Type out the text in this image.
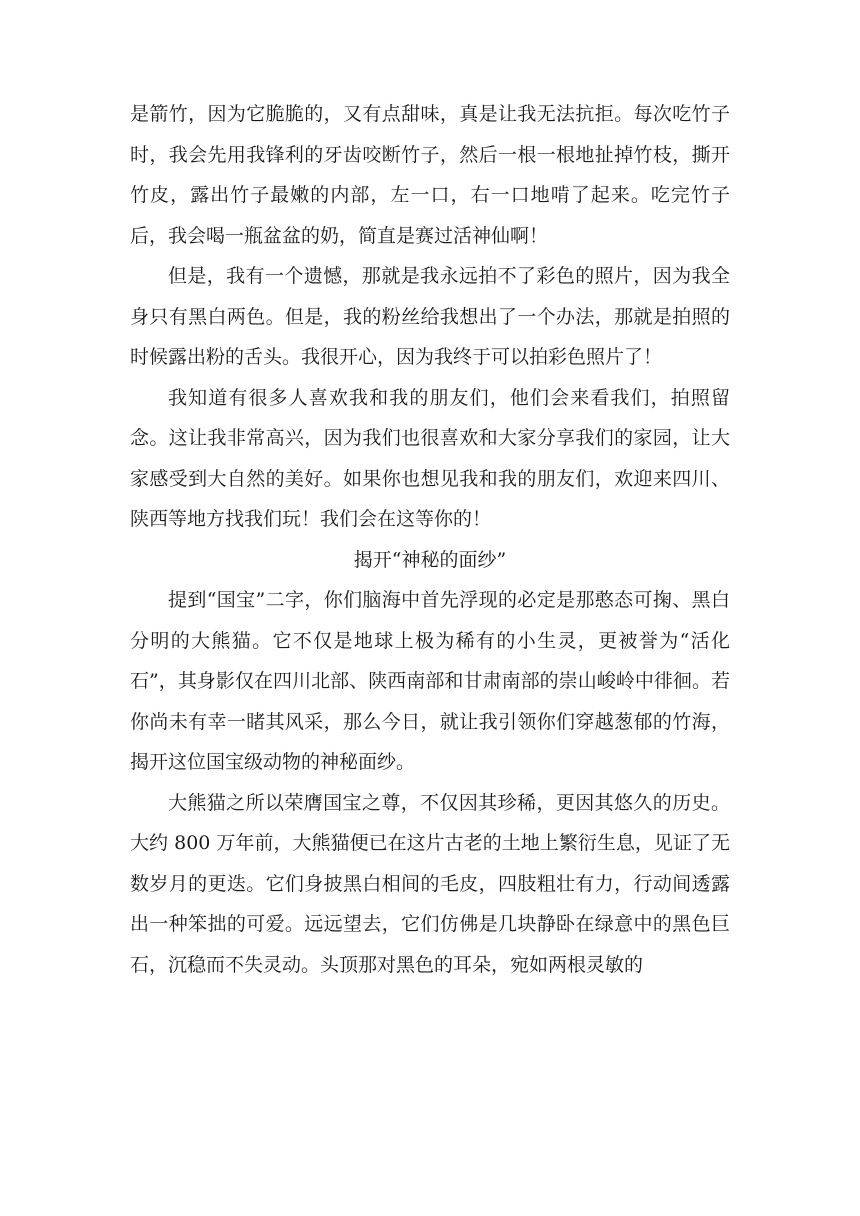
是箭竹，因为它脆脆的，又有点甜味，真是让我无法抗拒。每次吃竹子时，我会先用我锋利的牙齿咬断竹子，然后一根一根地扯掉竹枝，撕开竹皮，露出竹子最嫩的内部，左一口，右一口地啃了起来。吃完竹子后，我会喝一瓶盆盆的奶，简直是赛过活神仙啊！

但是，我有一个遗憾，那就是我永远拍不了彩色的照片，因为我全身只有黑白两色。但是，我的粉丝给我想出了一个办法，那就是拍照的时候露出粉的舌头。我很开心，因为我终于可以拍彩色照片了！

我知道有很多人喜欢我和我的朋友们，他们会来看我们，拍照留念。这让我非常高兴，因为我们也很喜欢和大家分享我们的家园，让大家感受到大自然的美好。如果你也想见我和我的朋友们，欢迎来四川、陕西等地方找我们玩！我们会在这等你的！

揭开“神秘的面纱”

提到“国宝”二字，你们脑海中首先浮现的必定是那憨态可掬、黑白分明的大熊猫。它不仅是地球上极为稀有的小生灵，更被誉为“活化石”，其身影仅在四川北部、陕西南部和甘肃南部的崇山峻岭中徘徊。若你尚未有幸一睹其风采，那么今日，就让我引领你们穿越葱郁的竹海，揭开这位国宝级动物的神秘面纱。

大熊猫之所以荣膺国宝之尊，不仅因其珍稀，更因其悠久的历史。大约 800 万年前，大熊猫便已在这片古老的土地上繁衍生息，见证了无数岁月的更迭。它们身披黑白相间的毛皮，四肢粗壮有力，行动间透露出一种笨拙的可爱。远远望去，它们仿佛是几块静卧在绿意中的黑色巨石，沉稳而不失灵动。头顶那对黑色的耳朵，宛如两根灵敏的
